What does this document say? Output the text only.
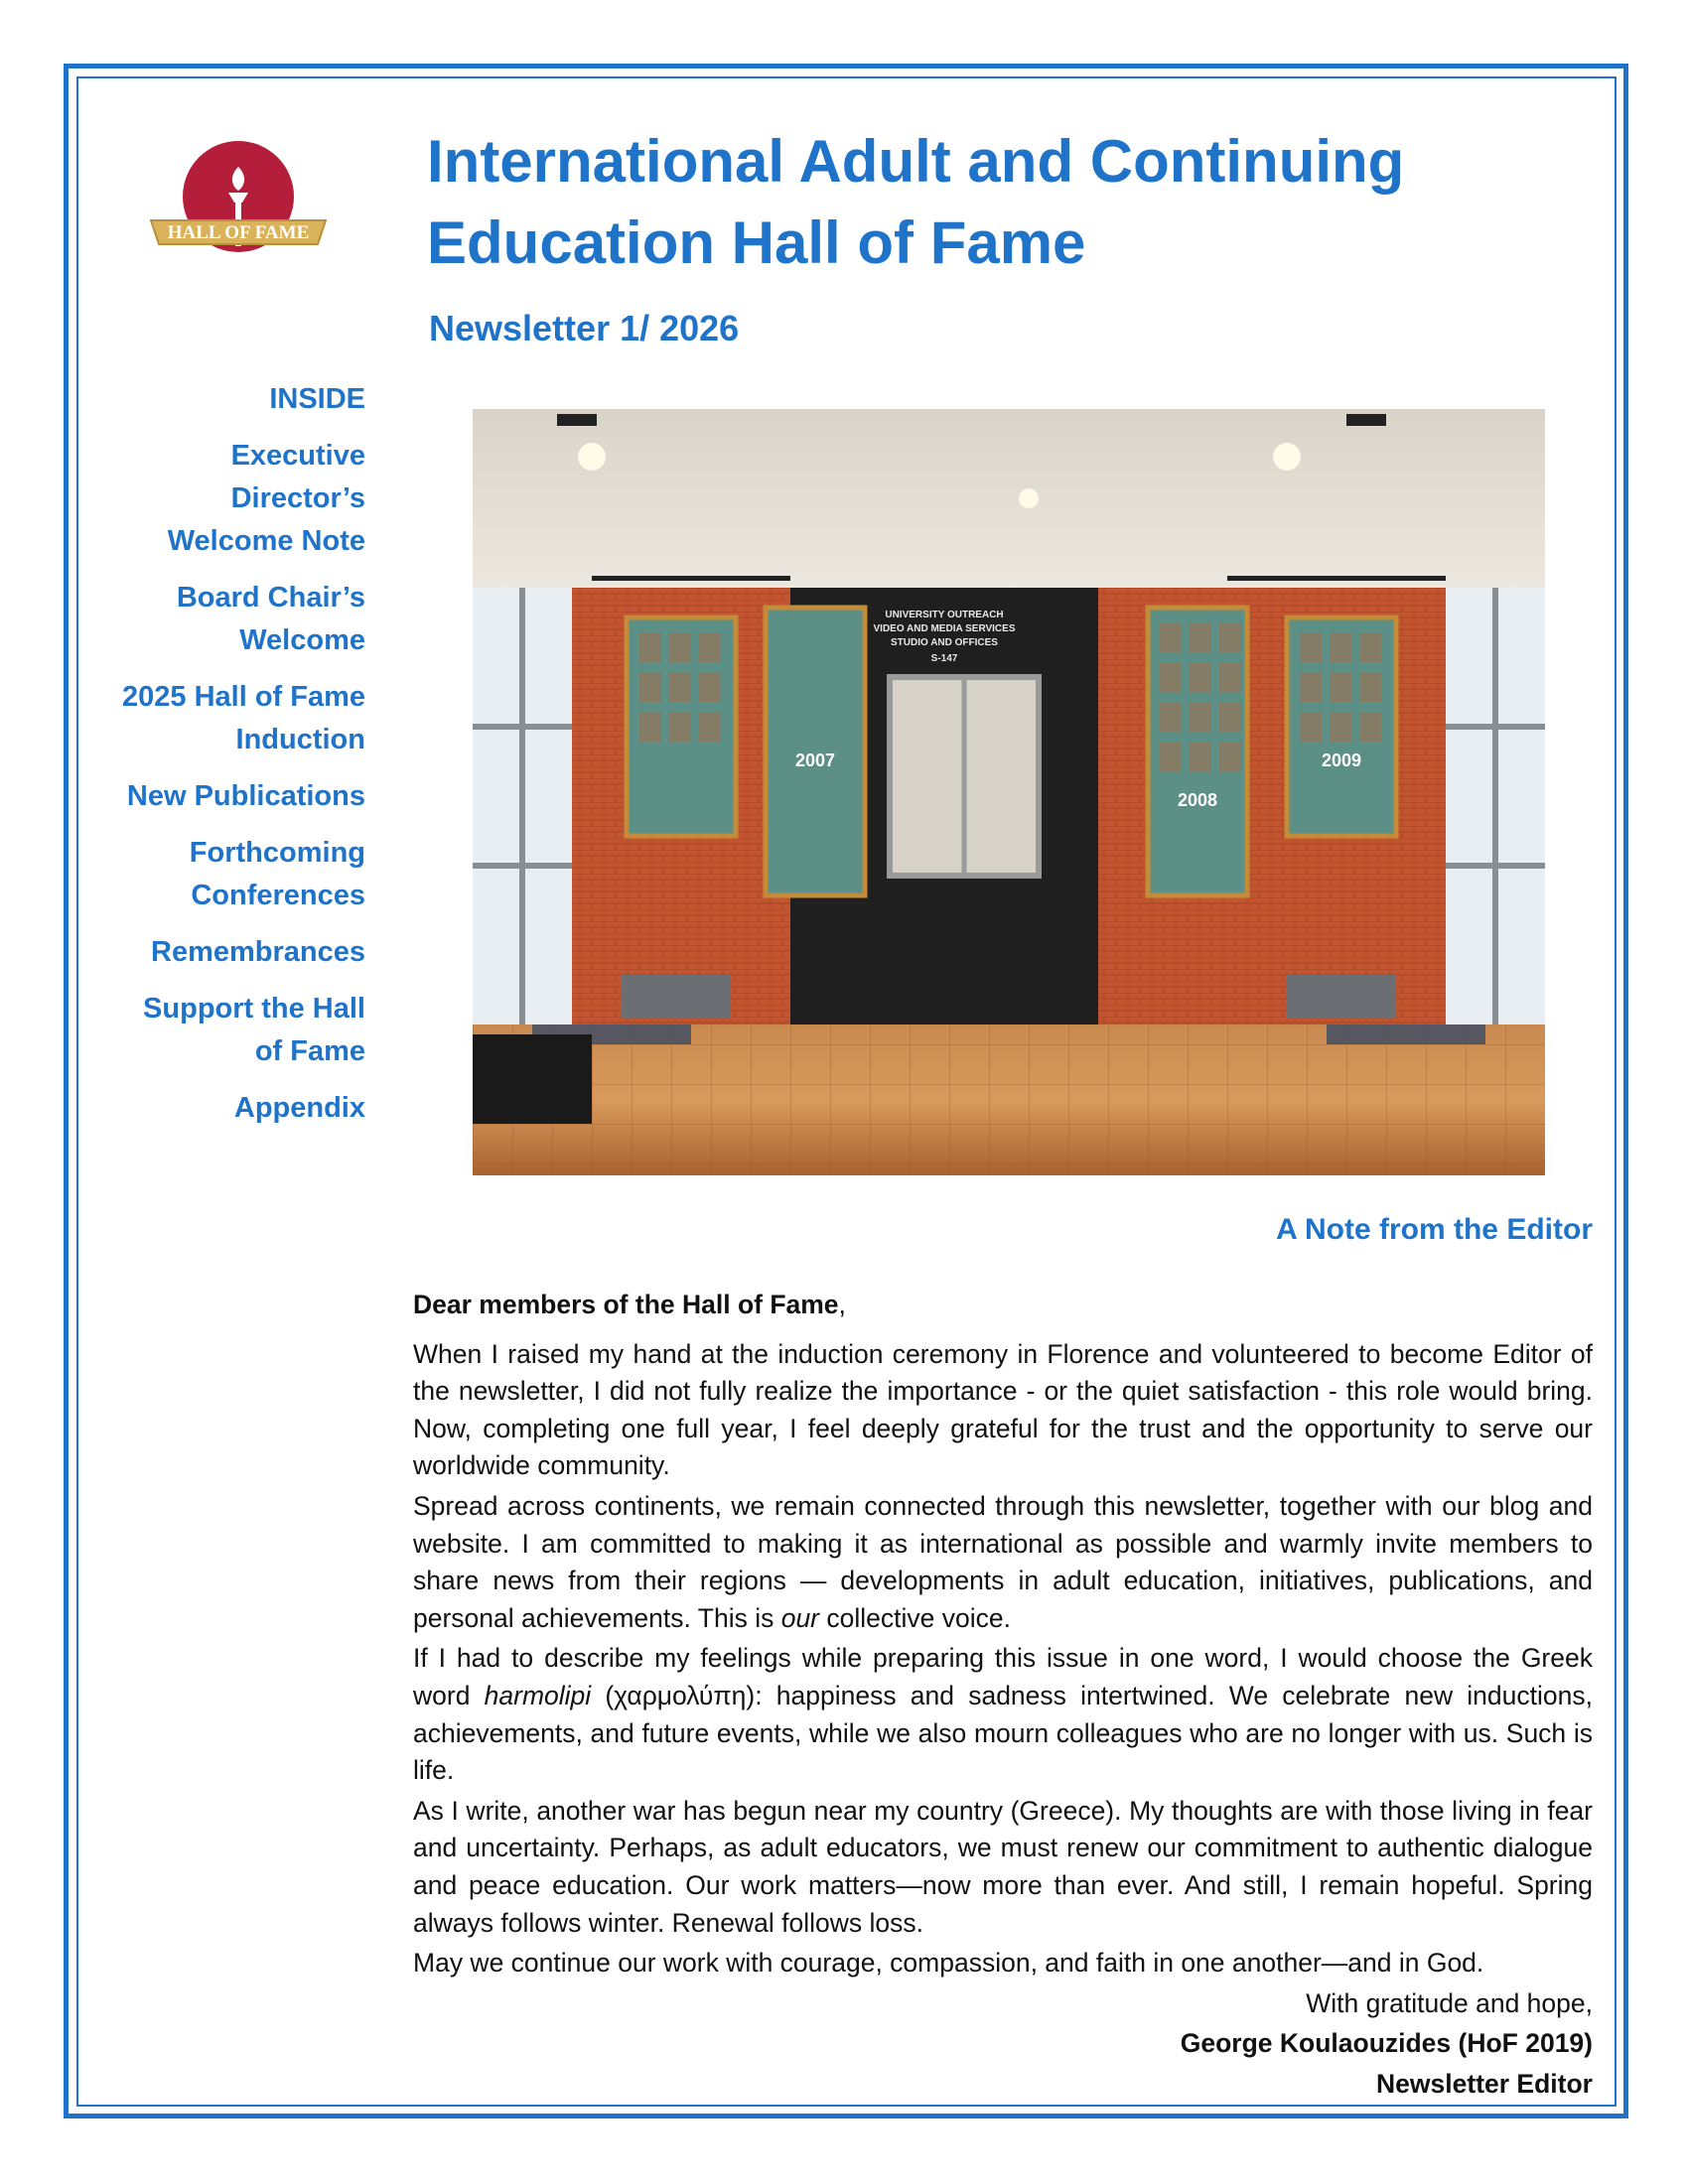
HALL OF FAME
International Adult and Continuing Education Hall of Fame
Newsletter 1/ 2026
INSIDE
Executive Director’s Welcome Note
Board Chair’s Welcome
2025 Hall of Fame Induction
New Publications
Forthcoming Conferences
Remembrances
Support the Hall of Fame
Appendix
UNIVERSITY OUTREACH
VIDEO AND MEDIA SERVICES
STUDIO AND OFFICES
S-147
2007
2008
2009
A Note from the Editor

Dear members of the Hall of Fame,

When I raised my hand at the induction ceremony in Florence and volunteered to become Editor of the newsletter, I did not fully realize the importance - or the quiet satisfaction - this role would bring. Now, completing one full year, I feel deeply grateful for the trust and the opportunity to serve our worldwide community.

Spread across continents, we remain connected through this newsletter, together with our blog and website. I am committed to making it as international as possible and warmly invite members to share news from their regions — developments in adult education, initiatives, publications, and personal achievements. This is our collective voice.

If I had to describe my feelings while preparing this issue in one word, I would choose the Greek word harmolipi (χαρμολύπη): happiness and sadness intertwined. We celebrate new inductions, achievements, and future events, while we also mourn colleagues who are no longer with us. Such is life.

As I write, another war has begun near my country (Greece). My thoughts are with those living in fear and uncertainty. Perhaps, as adult educators, we must renew our commitment to authentic dialogue and peace education. Our work matters—now more than ever. And still, I remain hopeful. Spring always follows winter. Renewal follows loss.

May we continue our work with courage, compassion, and faith in one another—and in God.

With gratitude and hope,

George Koulaouzides (HoF 2019)

Newsletter Editor
